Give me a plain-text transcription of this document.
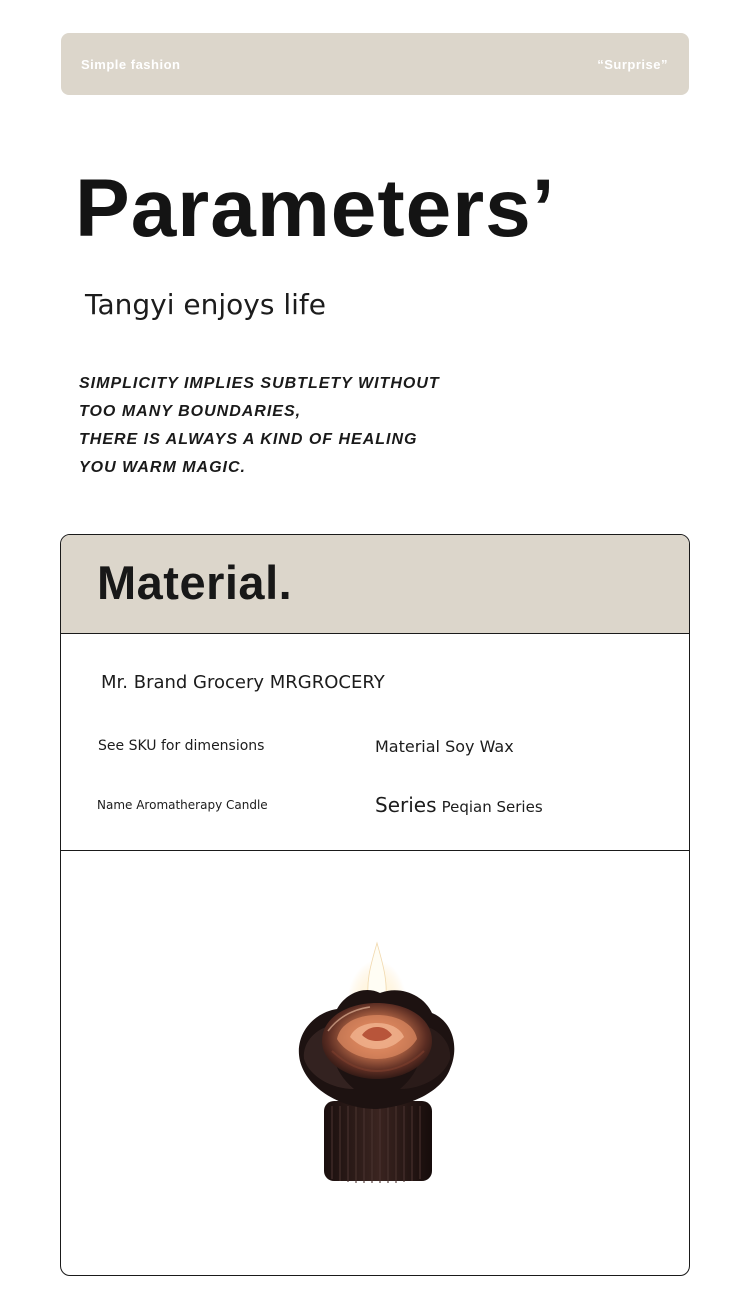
Simple fashion	“Surprise”
Parameters’
Tangyi enjoys life
SIMPLICITY IMPLIES SUBTLETY WITHOUT
TOO MANY BOUNDARIES,
THERE IS ALWAYS A KIND OF HEALING
YOU WARM MAGIC.
Material.
Mr. Brand Grocery MRGROCERY
See SKU for dimensions	Material Soy Wax
Name Aromatherapy Candle	Series Peqian Series
